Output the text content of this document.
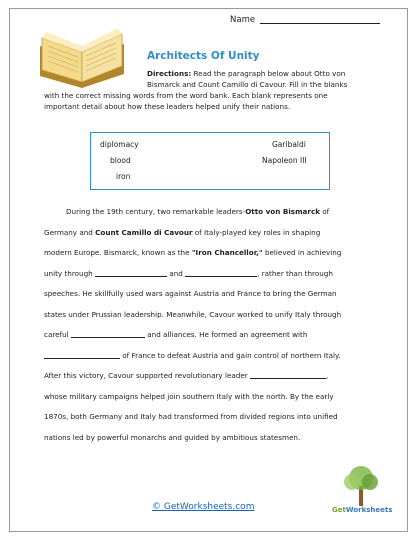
Name
Architects Of Unity
Directions: Read the paragraph below about Otto von
Bismarck and Count Camillo di Cavour. Fill in the blanks
with the correct missing words from the word bank. Each blank represents one
important detail about how these leaders helped unify their nations.
diplomacy	Garibaldi
blood	Napoleon III
iron
During the 19th century, two remarkable leaders-Otto von Bismarck of
Germany and Count Camillo di Cavour of Italy-played key roles in shaping
modern Europe. Bismarck, known as the "Iron Chancellor," believed in achieving
unity through	and	, rather than through
speeches. He skillfully used wars against Austria and France to bring the German
states under Prussian leadership. Meanwhile, Cavour worked to unify Italy through
careful	and alliances. He formed an agreement with
of France to defeat Austria and gain control of northern Italy.
After this victory, Cavour supported revolutionary leader	,
whose military campaigns helped join southern Italy with the north. By the early
1870s, both Germany and Italy had transformed from divided regions into unified
nations led by powerful monarchs and guided by ambitious statesmen.
© GetWorksheets.com	GetWorksheets
